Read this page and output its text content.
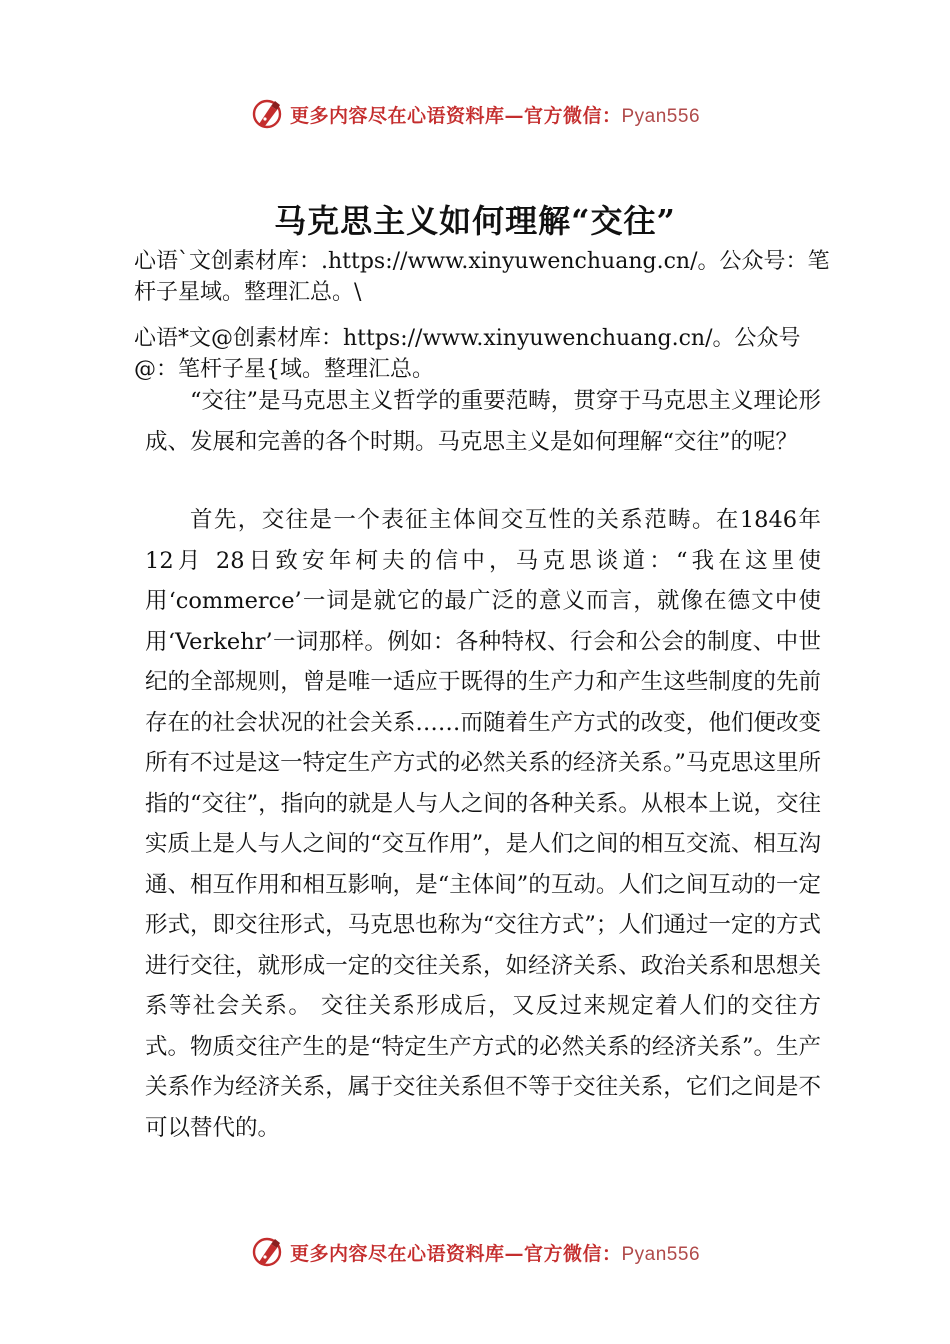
更多内容尽在心语资料库—官方微信：Pyan556
马克思主义如何理解“交往”
心语`文创素材库：.https://www.xinyuwenchuang.cn/。公众号：笔杆子星域。整理汇总。\
心语*文@创素材库：https://www.xinyuwenchuang.cn/。公众号@：笔杆子星{域。整理汇总。

“交往”是马克思主义哲学的重要范畴，贯穿于马克思主义理论形成、发展和完善的各个时期。马克思主义是如何理解“交往”的呢？

首先，交往是一个表征主体间交互性的关系范畴。在1846年 12月 28日致安年柯夫的信中，马克思谈道：“我在这里使用‘commerce’一词是就它的最广泛的意义而言，就像在德文中使用‘Verkehr’一词那样。例如：各种特权、行会和公会的制度、中世纪的全部规则，曾是唯一适应于既得的生产力和产生这些制度的先前存在的社会状况的社会关系……而随着生产方式的改变，他们便改变所有不过是这一特定生产方式的必然关系的经济关系。”马克思这里所指的“交往”，指向的就是人与人之间的各种关系。从根本上说，交往实质上是人与人之间的“交互作用”，是人们之间的相互交流、相互沟通、相互作用和相互影响，是“主体间”的互动。人们之间互动的一定形式，即交往形式，马克思也称为“交往方式”；人们通过一定的方式进行交往，就形成一定的交往关系，如经济关系、政治关系和思想关系等社会关系。 交往关系形成后，又反过来规定着人们的交往方式。物质交往产生的是“特定生产方式的必然关系的经济关系”。生产关系作为经济关系，属于交往关系但不等于交往关系，它们之间是不可以替代的。

更多内容尽在心语资料库—官方微信：Pyan556
